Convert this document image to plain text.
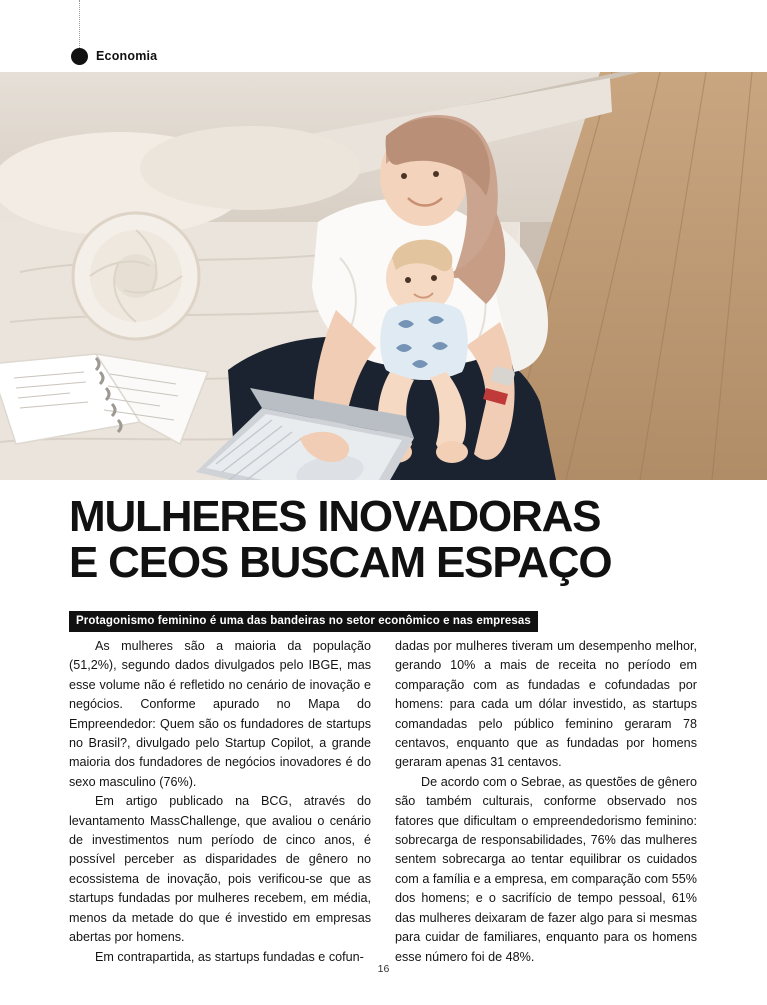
Economia
MULHERES INOVADORAS
E CEOS BUSCAM ESPAÇO
Protagonismo feminino é uma das bandeiras no setor econômico e nas empresas

As mulheres são a maioria da população (51,2%), segundo dados divulgados pelo IBGE, mas esse volume não é refletido no cenário de inovação e negócios. Conforme apurado no Mapa do Empreendedor: Quem são os fundadores de startups no Brasil?, divulgado pelo Startup Copilot, a grande maioria dos fundadores de negócios inovadores é do sexo masculino (76%).

Em artigo publicado na BCG, através do levantamento MassChallenge, que avaliou o cenário de investimentos num período de cinco anos, é possível perceber as disparidades de gênero no ecossistema de inovação, pois verificou-se que as startups fundadas por mulheres recebem, em média, menos da metade do que é investido em empresas abertas por homens.

Em contrapartida, as startups fundadas e cofun-

dadas por mulheres tiveram um desempenho melhor, gerando 10% a mais de receita no período em comparação com as fundadas e cofundadas por homens: para cada um dólar investido, as startups comandadas pelo público feminino geraram 78 centavos, enquanto que as fundadas por homens geraram apenas 31 centavos.

De acordo com o Sebrae, as questões de gênero são também culturais, conforme observado nos fatores que dificultam o empreendedorismo feminino: sobrecarga de responsabilidades, 76% das mulheres sentem sobrecarga ao tentar equilibrar os cuidados com a família e a empresa, em comparação com 55% dos homens; e o sacrifício de tempo pessoal, 61% das mulheres deixaram de fazer algo para si mesmas para cuidar de familiares, enquanto para os homens esse número foi de 48%.

16
